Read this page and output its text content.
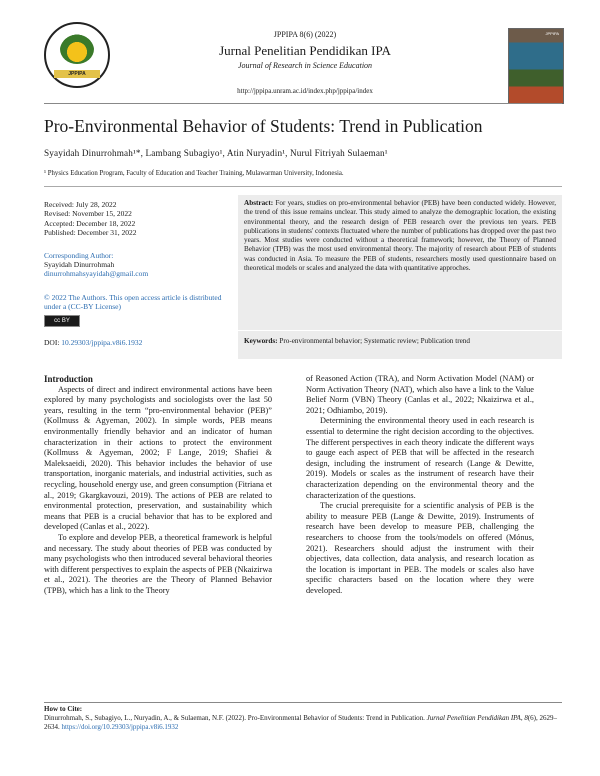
JPPIPA
JPPIPA 8(6) (2022)
Jurnal Penelitian Pendidikan IPA
Journal of Research in Science Education
http://jppipa.unram.ac.id/index.php/jppipa/index
JPPIPA
Pro-Environmental Behavior of Students: Trend in Publication
Syayidah Dinurrohmah¹*, Lambang Subagiyo¹, Atin Nuryadin¹, Nurul Fitriyah Sulaeman¹
¹ Physics Education Program, Faculty of Education and Teacher Training, Mulawarman University, Indonesia.
Received: July 28, 2022
Revised: November 15, 2022
Accepted: December 18, 2022
Published: December 31, 2022
Corresponding Author:
Syayidah Dinurrohmah
dinurrohmahsyayidah@gmail.com
© 2022 The Authors. This open access article is distributed under a (CC-BY License)
cc BY
DOI: 10.29303/jppipa.v8i6.1932
Abstract: For years, studies on pro-environmental behavior (PEB) have been conducted widely. However, the trend of this issue remains unclear. This study aimed to analyze the demographic location, the existing environmental theory, and the research design of PEB research over the previous ten years. PEB publications in students' contexts fluctuated where the number of publications has dropped over the past two years. Most studies were conducted without a theoretical framework; however, the Theory of Planned Behavior (TPB) was the most used environmental theory. The majority of research about PEB of students was conducted in Asia. To measure the PEB of students, researchers mostly used questionnaire based on theoretical models or scales and analyzed the data with quantitative approches.
Keywords: Pro-environmental behavior; Systematic review; Publication trend

Introduction

Aspects of direct and indirect environmental actions have been explored by many psychologists and sociologists over the last 50 years, resulting in the term “pro-environmental behavior (PEB)” (Kollmuss & Agyeman, 2002). In simple words, PEB means environmentally friendly behavior and an indicator of human characterization in their actions to protect the environment (Kollmuss & Agyeman, 2002; F Lange, 2019; Shafiei & Maleksaeidi, 2020). This behavior includes the behavior of use transportation, inorganic materials, and industrial activities, such as recycling, household energy use, and green consumption (Fitriana et al., 2019; Gkargkavouzi, 2019). The actions of PEB are related to environmental protection, preservation, and sustainability which means that PEB is a crucial behavior that has to be explored and developed (Canlas et al., 2022).

To explore and develop PEB, a theoretical framework is helpful and necessary. The study about theories of PEB was conducted by many psychologists who then introduced several behavioral theories with different perspectives to explain the aspects of PEB (Nkaizirwa et al., 2021). The theories are the Theory of Planned Behavior (TPB), which has a link to the Theory

of Reasoned Action (TRA), and Norm Activation Model (NAM) or Norm Activation Theory (NAT), which also have a link to the Value Belief Norm (VBN) Theory (Canlas et al., 2022; Nkaizirwa et al., 2021; Odhiambo, 2019).

Determining the environmental theory used in each research is essential to determine the right decision according to the objectives. The different perspectives in each theory indicate the different ways to gauge each aspect of PEB that will be affected in the research design, including the instrument of research (Lange & Dewitte, 2019). Models or scales as the instrument of research have their characterization depending on the environmental theory and the characterization of the questions.

The crucial prerequisite for a scientific analysis of PEB is the ability to measure PEB (Lange & Dewitte, 2019). Instruments of research have been develop to measure PEB, challenging the researchers to choose from the tools/models on offered (Mónus, 2021). Researchers should adjust the instrument with their objectives, data collection, data analysis, and research location as the location is important in PEB. The models or scales also have specific characters based on the location where they were developed.

How to Cite:
Dinurrohmah, S., Subagiyo, L., Nuryadin, A., & Sulaeman, N.F. (2022). Pro-Environmental Behavior of Students: Trend in Publication. Jurnal Penelitian Pendidikan IPA, 8(6), 2629–2634. https://doi.org/10.29303/jppipa.v8i6.1932
